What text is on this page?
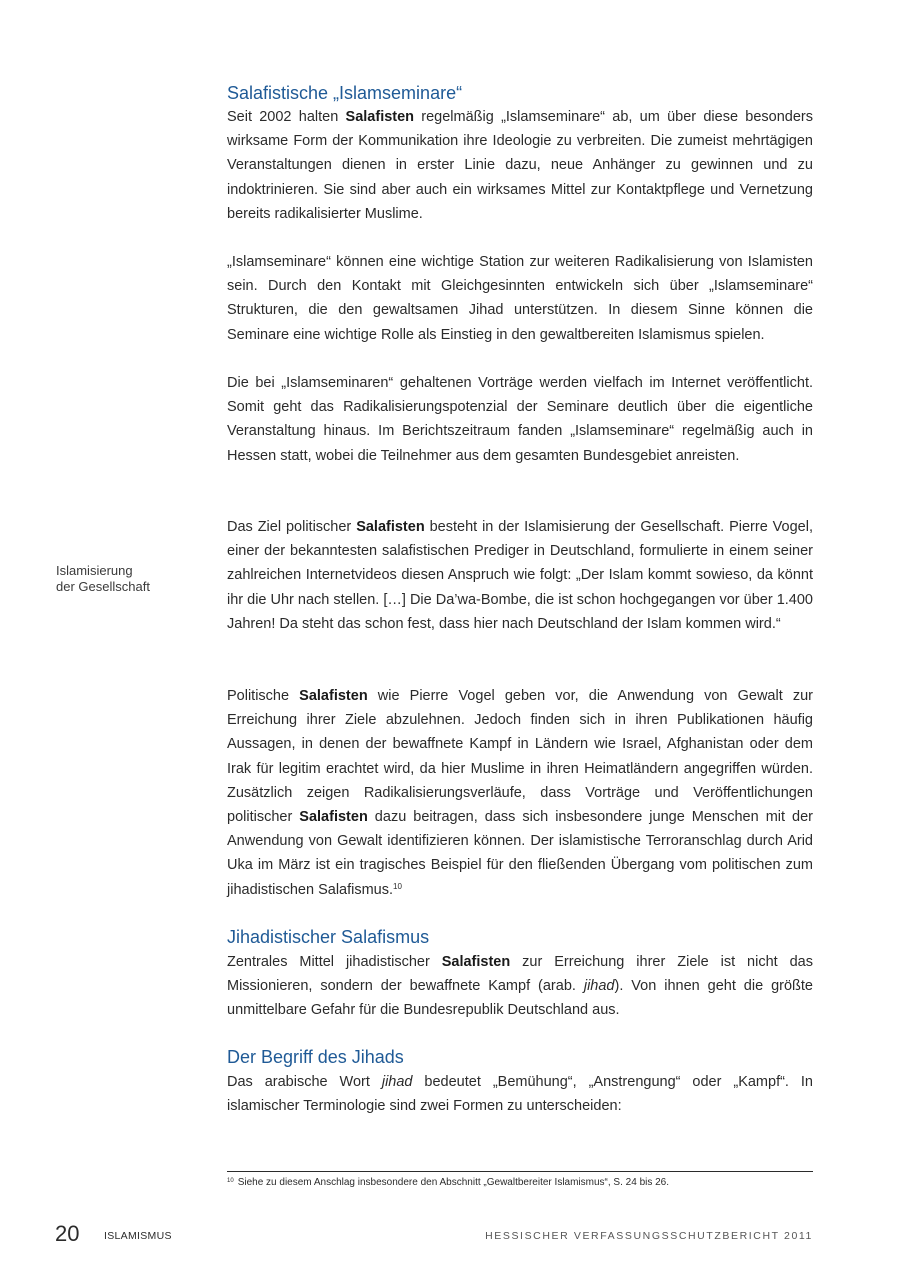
Salafistische „Islamseminare“

Seit 2002 halten Salafisten regelmäßig „Islamseminare“ ab, um über diese besonders wirksame Form der Kommunikation ihre Ideologie zu verbreiten. Die zumeist mehrtägigen Veranstaltungen dienen in erster Linie dazu, neue Anhänger zu gewinnen und zu indoktrinieren. Sie sind aber auch ein wirksames Mittel zur Kontaktpflege und Vernetzung bereits radikalisierter Muslime.

„Islamseminare“ können eine wichtige Station zur weiteren Radikalisierung von Islamisten sein. Durch den Kontakt mit Gleichgesinnten entwickeln sich über „Islamseminare“ Strukturen, die den gewaltsamen Jihad unterstützen. In diesem Sinne können die Seminare eine wichtige Rolle als Einstieg in den gewaltbereiten Islamismus spielen.

Die bei „Islamseminaren“ gehaltenen Vorträge werden vielfach im Internet veröffentlicht. Somit geht das Radikalisierungspotenzial der Seminare deutlich über die eigentliche Veranstaltung hinaus. Im Berichtszeitraum fanden „Islamseminare“ regelmäßig auch in Hessen statt, wobei die Teilnehmer aus dem gesamten Bundesgebiet anreisten.

Islamisierung
der Gesellschaft

Das Ziel politischer Salafisten besteht in der Islamisierung der Gesellschaft. Pierre Vogel, einer der bekanntesten salafistischen Prediger in Deutschland, formulierte in einem seiner zahlreichen Internetvideos diesen Anspruch wie folgt: „Der Islam kommt sowieso, da könnt ihr die Uhr nach stellen. […] Die Da’wa-Bombe, die ist schon hochgegangen vor über 1.400 Jahren! Da steht das schon fest, dass hier nach Deutschland der Islam kommen wird.“

Politische Salafisten wie Pierre Vogel geben vor, die Anwendung von Gewalt zur Erreichung ihrer Ziele abzulehnen. Jedoch finden sich in ihren Publikationen häufig Aussagen, in denen der bewaffnete Kampf in Ländern wie Israel, Afghanistan oder dem Irak für legitim erachtet wird, da hier Muslime in ihren Heimatländern angegriffen würden. Zusätzlich zeigen Radikalisierungsverläufe, dass Vorträge und Veröffentlichungen politischer Salafisten dazu beitragen, dass sich insbesondere junge Menschen mit der Anwendung von Gewalt identifizieren können. Der islamistische Terroranschlag durch Arid Uka im März ist ein tragisches Beispiel für den fließenden Übergang vom politischen zum jihadistischen Salafismus.$^{10}$

Jihadistischer Salafismus

Zentrales Mittel jihadistischer Salafisten zur Erreichung ihrer Ziele ist nicht das Missionieren, sondern der bewaffnete Kampf (arab. jihad). Von ihnen geht die größte unmittelbare Gefahr für die Bundesrepublik Deutschland aus.

Der Begriff des Jihads

Das arabische Wort jihad bedeutet „Bemühung“, „Anstrengung“ oder „Kampf“. In islamischer Terminologie sind zwei Formen zu unterscheiden:

$^{10}$ Siehe zu diesem Anschlag insbesondere den Abschnitt „Gewaltbereiter Islamismus“, S. 24 bis 26.
20 ISLAMISMUS	HESSISCHER VERFASSUNGSSCHUTZBERICHT 2011
